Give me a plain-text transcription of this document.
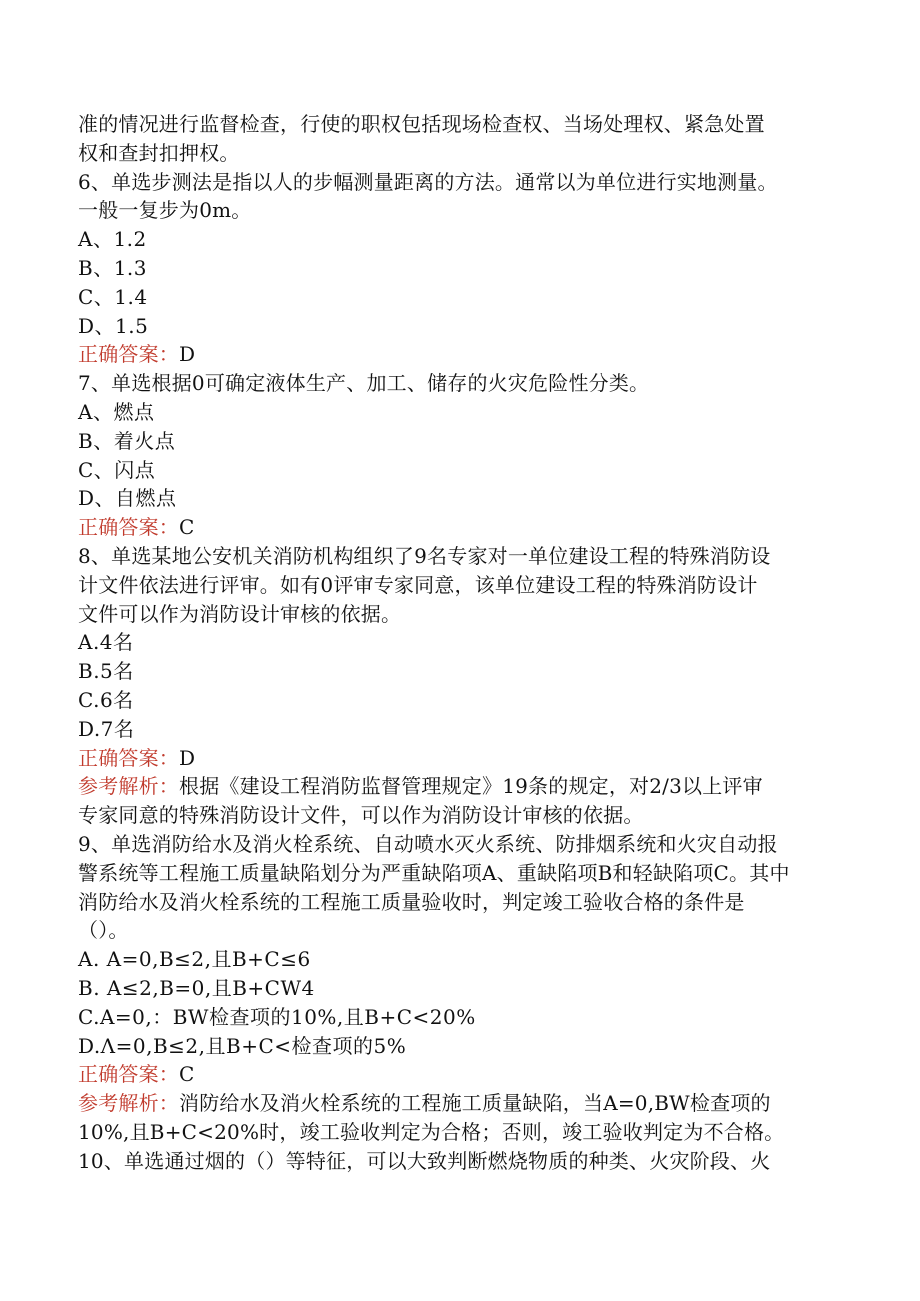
准的情况进行监督检查，行使的职权包括现场检查权、当场处理权、紧急处置
权和查封扣押权。
6、单选步测法是指以人的步幅测量距离的方法。通常以为单位进行实地测量。
一般一复步为0m。
A、1.2
B、1.3
C、1.4
D、1.5
正确答案：D
7、单选根据0可确定液体生产、加工、储存的火灾危险性分类。
A、燃点
B、着火点
C、闪点
D、自燃点
正确答案：C
8、单选某地公安机关消防机构组织了9名专家对一单位建设工程的特殊消防设
计文件依法进行评审。如有0评审专家同意，该单位建设工程的特殊消防设计
文件可以作为消防设计审核的依据。
A.4名
B.5名
C.6名
D.7名
正确答案：D
参考解析：根据《建设工程消防监督管理规定》19条的规定，对2/3以上评审
专家同意的特殊消防设计文件，可以作为消防设计审核的依据。
9、单选消防给水及消火栓系统、自动喷水灭火系统、防排烟系统和火灾自动报
警系统等工程施工质量缺陷划分为严重缺陷项A、重缺陷项B和轻缺陷项C。其中
消防给水及消火栓系统的工程施工质量验收时，判定竣工验收合格的条件是
（）。
A. A=0,B≤2,且B+C≤6
B. A≤2,B=0,且B+CW4
C.A=0,：BW检查项的10%,且B+C<20%
D.Λ=0,B≤2,且B+C<检查项的5%
正确答案：C
参考解析：消防给水及消火栓系统的工程施工质量缺陷，当A=0,BW检查项的
10%,且B+C<20%时，竣工验收判定为合格；否则，竣工验收判定为不合格。
10、单选通过烟的（）等特征，可以大致判断燃烧物质的种类、火灾阶段、火
